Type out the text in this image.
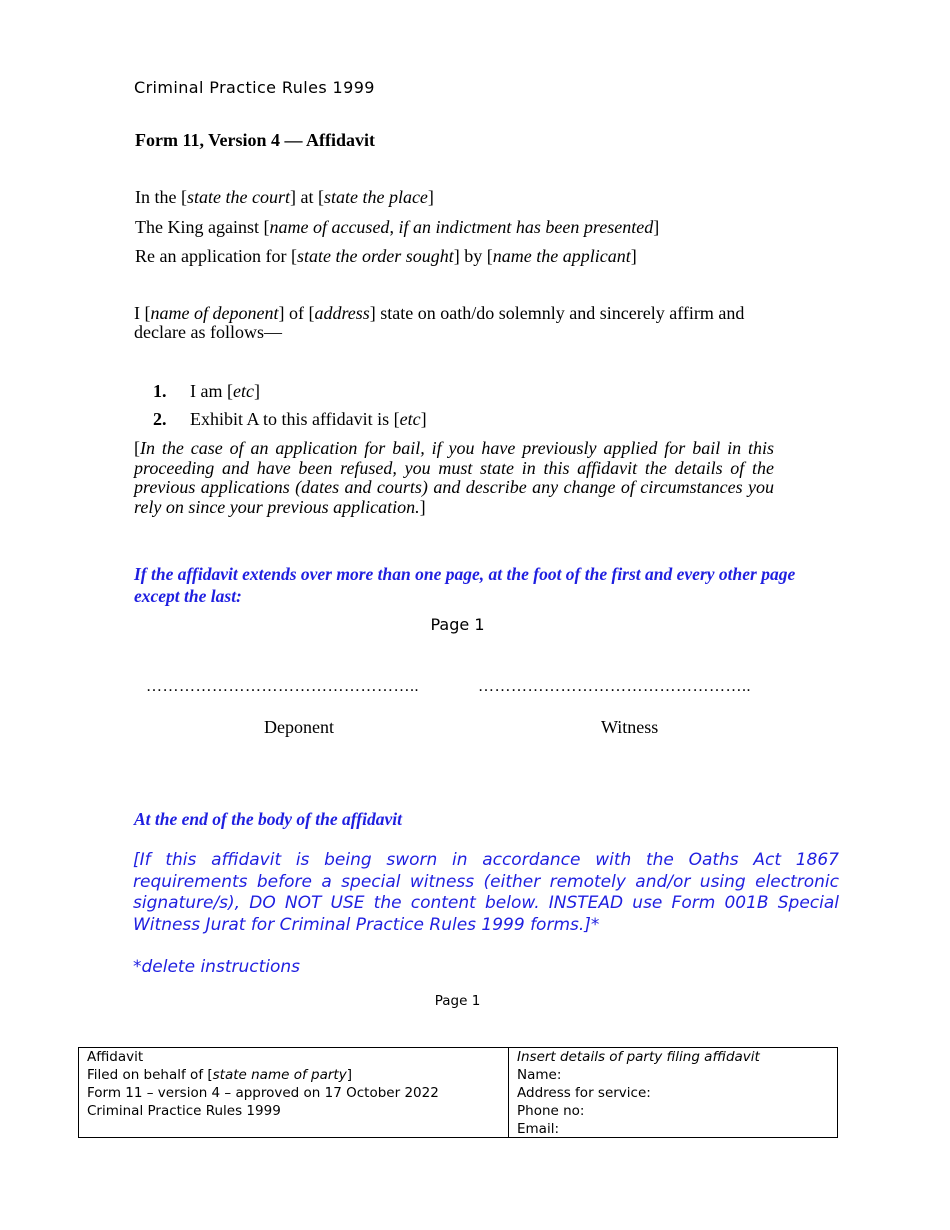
Criminal Practice Rules 1999
Form 11, Version 4 — Affidavit
In the [state the court] at [state the place]
The King against [name of accused, if an indictment has been presented]
Re an application for [state the order sought] by [name the applicant]
I [name of deponent] of [address] state on oath/do solemnly and sincerely affirm and declare as follows—
1. I am [etc]
2. Exhibit A to this affidavit is [etc]
[In the case of an application for bail, if you have previously applied for bail in this proceeding and have been refused, you must state in this affidavit the details of the previous applications (dates and courts) and describe any change of circumstances you rely on since your previous application.]
If the affidavit extends over more than one page, at the foot of the first and every other page except the last:
Page 1
…………………………………………..	…………………………………………..
Deponent	Witness
At the end of the body of the affidavit
[If this affidavit is being sworn in accordance with the Oaths Act 1867 requirements before a special witness (either remotely and/or using electronic signature/s), DO NOT USE the content below. INSTEAD use Form 001B Special Witness Jurat for Criminal Practice Rules 1999 forms.]*
*delete instructions
Page 1
Affidavit
Filed on behalf of [state name of party]
Form 11 – version 4 – approved on 17 October 2022
Criminal Practice Rules 1999
Insert details of party filing affidavit
Name:
Address for service:
Phone no:
Email:
